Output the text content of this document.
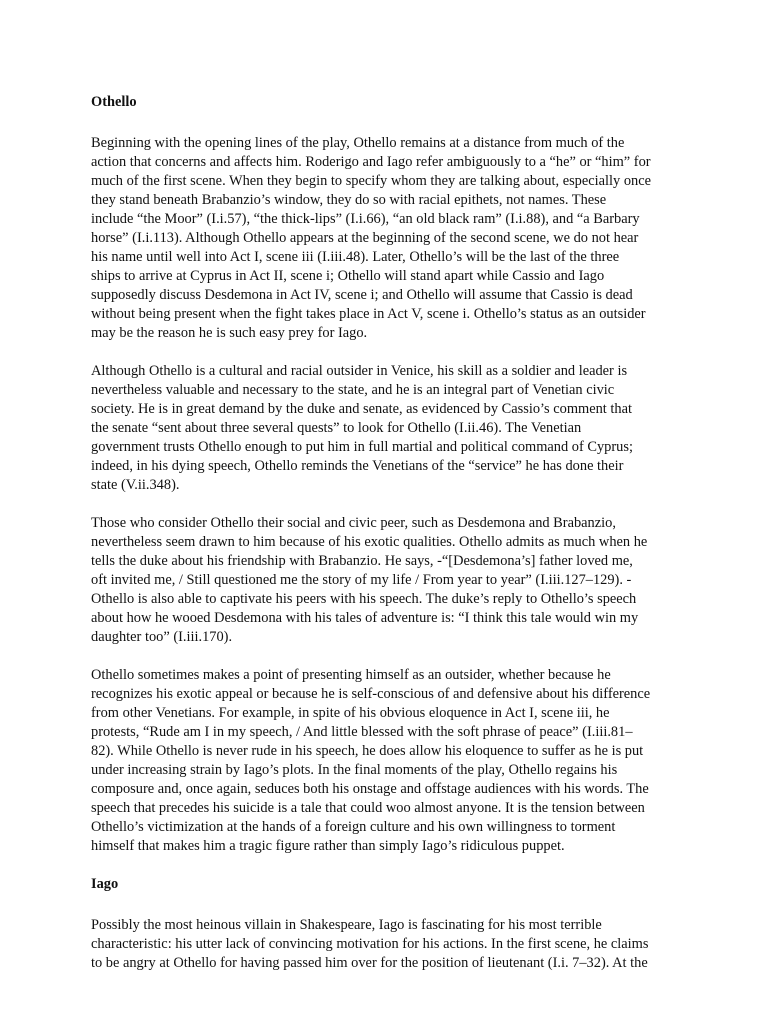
Othello
Beginning with the opening lines of the play, Othello remains at a distance from much of the
action that concerns and affects him. Roderigo and Iago refer ambiguously to a “he” or “him” for
much of the first scene. When they begin to specify whom they are talking about, especially once
they stand beneath Brabanzio’s window, they do so with racial epithets, not names. These
include “the Moor” (I.i.57), “the thick-lips” (I.i.66), “an old black ram” (I.i.88), and “a Barbary
horse” (I.i.113). Although Othello appears at the beginning of the second scene, we do not hear
his name until well into Act I, scene iii (I.iii.48). Later, Othello’s will be the last of the three
ships to arrive at Cyprus in Act II, scene i; Othello will stand apart while Cassio and Iago
supposedly discuss Desdemona in Act IV, scene i; and Othello will assume that Cassio is dead
without being present when the fight takes place in Act V, scene i. Othello’s status as an outsider
may be the reason he is such easy prey for Iago.
Although Othello is a cultural and racial outsider in Venice, his skill as a soldier and leader is
nevertheless valuable and necessary to the state, and he is an integral part of Venetian civic
society. He is in great demand by the duke and senate, as evidenced by Cassio’s comment that
the senate “sent about three several quests” to look for Othello (I.ii.46). The Venetian
government trusts Othello enough to put him in full martial and political command of Cyprus;
indeed, in his dying speech, Othello reminds the Venetians of the “service” he has done their
state (V.ii.348).
Those who consider Othello their social and civic peer, such as Desdemona and Brabanzio,
nevertheless seem drawn to him because of his exotic qualities. Othello admits as much when he
tells the duke about his friendship with Brabanzio. He says, -“[Desdemona’s] father loved me,
oft invited me, / Still questioned me the story of my life / From year to year” (I.iii.127–129). -
Othello is also able to captivate his peers with his speech. The duke’s reply to Othello’s speech
about how he wooed Desdemona with his tales of adventure is: “I think this tale would win my
daughter too” (I.iii.170).
Othello sometimes makes a point of presenting himself as an outsider, whether because he
recognizes his exotic appeal or because he is self-conscious of and defensive about his difference
from other Venetians. For example, in spite of his obvious eloquence in Act I, scene iii, he
protests, “Rude am I in my speech, / And little blessed with the soft phrase of peace” (I.iii.81–
82). While Othello is never rude in his speech, he does allow his eloquence to suffer as he is put
under increasing strain by Iago’s plots. In the final moments of the play, Othello regains his
composure and, once again, seduces both his onstage and offstage audiences with his words. The
speech that precedes his suicide is a tale that could woo almost anyone. It is the tension between
Othello’s victimization at the hands of a foreign culture and his own willingness to torment
himself that makes him a tragic figure rather than simply Iago’s ridiculous puppet.
Iago
Possibly the most heinous villain in Shakespeare, Iago is fascinating for his most terrible
characteristic: his utter lack of convincing motivation for his actions. In the first scene, he claims
to be angry at Othello for having passed him over for the position of lieutenant (I.i. 7–32). At the
